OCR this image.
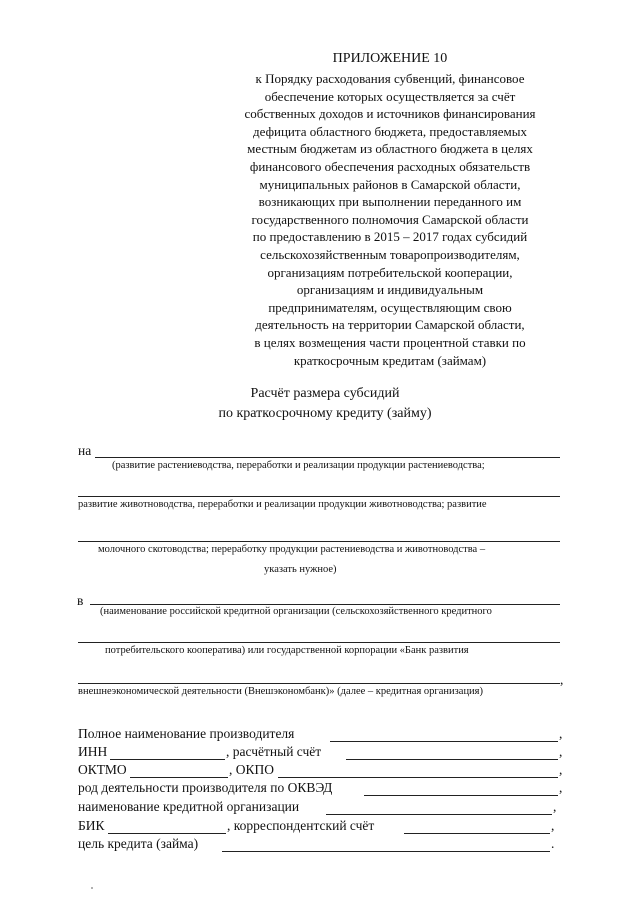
ПРИЛОЖЕНИЕ 10
к Порядку расходования субвенций, финансовое
обеспечение которых осуществляется за счёт
собственных доходов и источников финансирования
дефицита областного бюджета, предоставляемых
местным бюджетам из областного бюджета в целях
финансового обеспечения расходных обязательств
муниципальных районов в Самарской области,
возникающих при выполнении переданного им
государственного полномочия Самарской области
по предоставлению в 2015 – 2017 годах субсидий
сельскохозяйственным товаропроизводителям,
организациям потребительской кооперации,
организациям и индивидуальным
предпринимателям, осуществляющим свою
деятельность на территории Самарской области,
в целях возмещения части процентной ставки по
краткосрочным кредитам (займам)
Расчёт размера субсидий
по краткосрочному кредиту (займу)
на
(развитие растениеводства, переработки и реализации продукции растениеводства;
развитие животноводства, переработки и реализации продукции животноводства; развитие
молочного скотоводства; переработку продукции растениеводства и животноводства –
указать нужное)
в
(наименование российской кредитной организации (сельскохозяйственного кредитного
потребительского кооператива) или государственной корпорации «Банк развития
,
внешнеэкономической деятельности (Внешэкономбанк)» (далее – кредитная организация)
Полное наименование производителя	,
ИНН	, расчётный счёт	,
ОКТМО	, ОКПО	,
род деятельности производителя по ОКВЭД	,
наименование кредитной организации	,
БИК	, корреспондентский счёт	,
цель кредита (займа)	.
